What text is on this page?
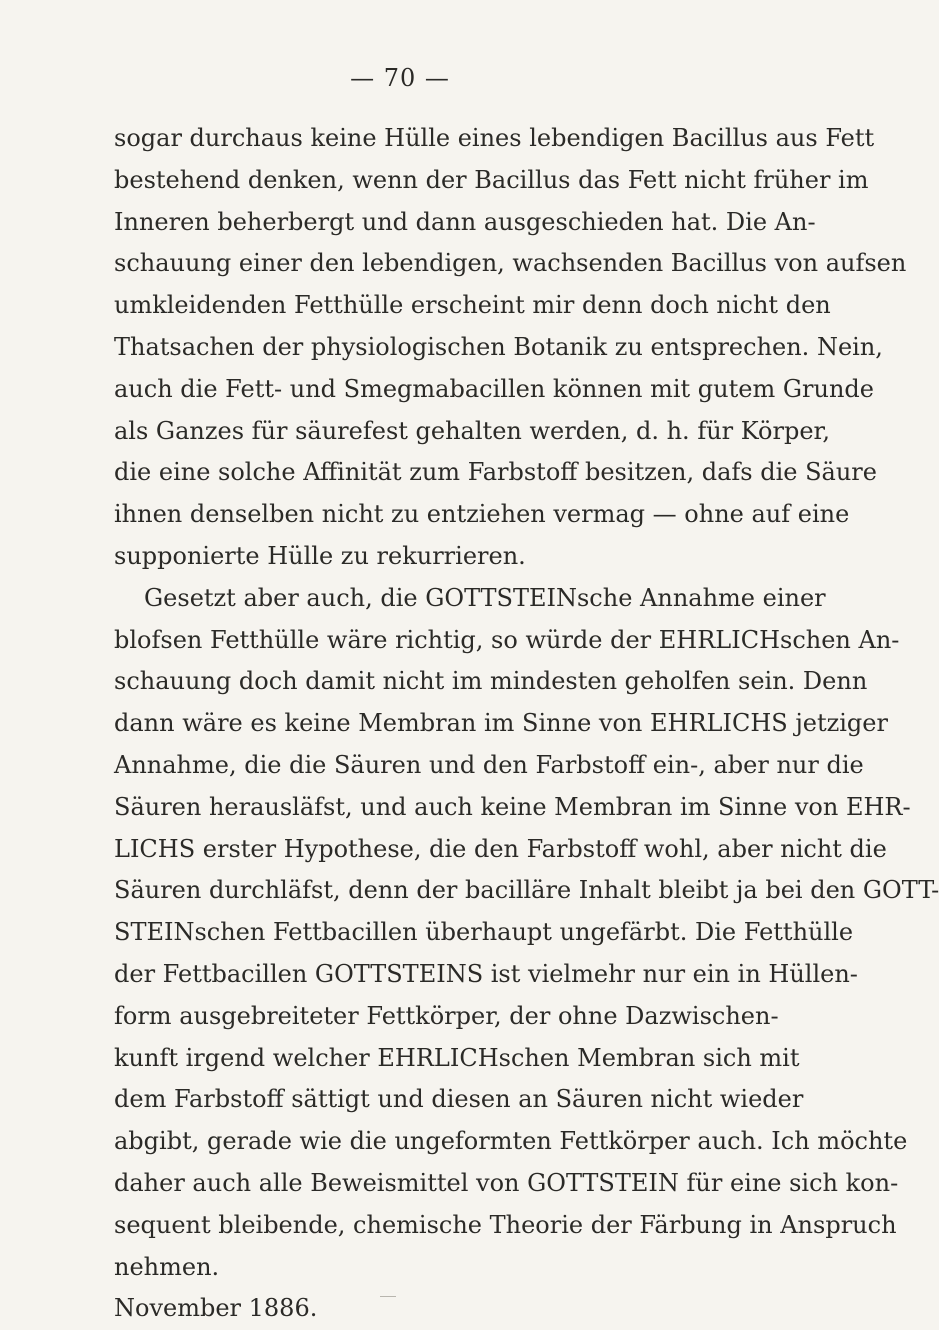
— 70 —
sogar durchaus keine Hülle eines lebendigen Bacillus aus Fett
bestehend denken, wenn der Bacillus das Fett nicht früher im
Inneren beherbergt und dann ausgeschieden hat. Die An-
schauung einer den lebendigen, wachsenden Bacillus von aufsen
umkleidenden Fetthülle erscheint mir denn doch nicht den
Thatsachen der physiologischen Botanik zu entsprechen. Nein,
auch die Fett- und Smegmabacillen können mit gutem Grunde
als Ganzes für säurefest gehalten werden, d. h. für Körper,
die eine solche Affinität zum Farbstoff besitzen, dafs die Säure
ihnen denselben nicht zu entziehen vermag — ohne auf eine
supponierte Hülle zu rekurrieren.
Gesetzt aber auch, die GOTTSTEINsche Annahme einer
blofsen Fetthülle wäre richtig, so würde der EHRLICHschen An-
schauung doch damit nicht im mindesten geholfen sein. Denn
dann wäre es keine Membran im Sinne von EHRLICHS jetziger
Annahme, die die Säuren und den Farbstoff ein-, aber nur die
Säuren herausläfst, und auch keine Membran im Sinne von EHR-
LICHS erster Hypothese, die den Farbstoff wohl, aber nicht die
Säuren durchläfst, denn der bacilläre Inhalt bleibt ja bei den GOTT-
STEINschen Fettbacillen überhaupt ungefärbt. Die Fetthülle
der Fettbacillen GOTTSTEINS ist vielmehr nur ein in Hüllen-
form ausgebreiteter Fettkörper, der ohne Dazwischen-
kunft irgend welcher EHRLICHschen Membran sich mit
dem Farbstoff sättigt und diesen an Säuren nicht wieder
abgibt, gerade wie die ungeformten Fettkörper auch. Ich möchte
daher auch alle Beweismittel von GOTTSTEIN für eine sich kon-
sequent bleibende, chemische Theorie der Färbung in Anspruch
nehmen.
November 1886.
